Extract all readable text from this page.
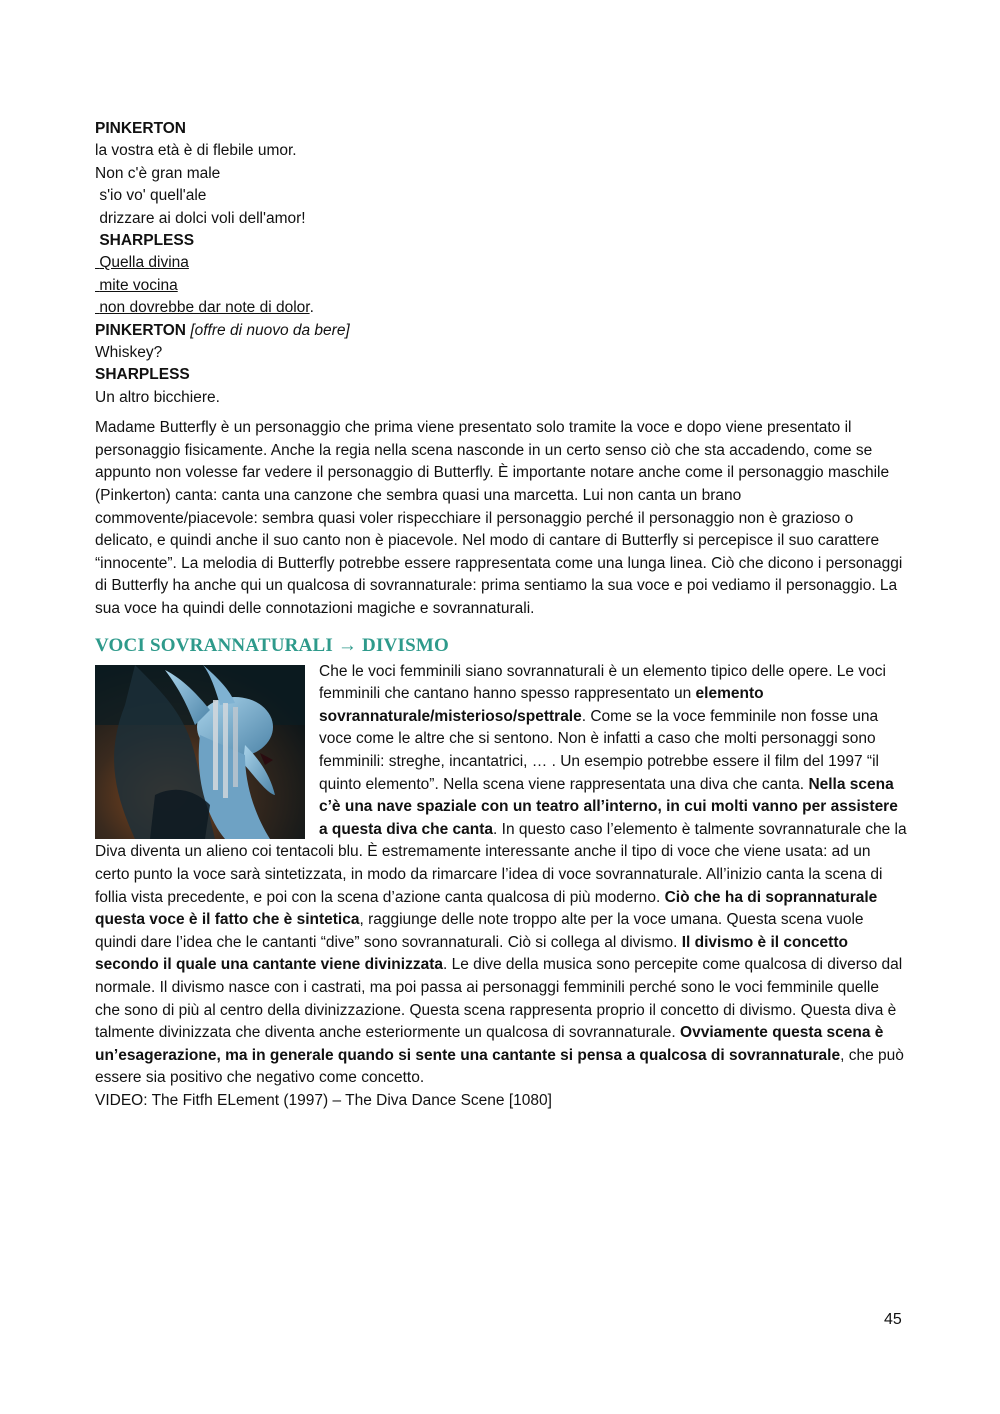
PINKERTON

la vostra età è di flebile umor.

Non c'è gran male

s'io vo' quell'ale

drizzare ai dolci voli dell'amor!

SHARPLESS

Quella divina

mite vocina

non dovrebbe dar note di dolor.

PINKERTON [offre di nuovo da bere]

Whiskey?

SHARPLESS

Un altro bicchiere.

Madame Butterfly è un personaggio che prima viene presentato solo tramite la voce e dopo viene presentato il personaggio fisicamente. Anche la regia nella scena nasconde in un certo senso ciò che sta accadendo, come se appunto non volesse far vedere il personaggio di Butterfly. È importante notare anche come il personaggio maschile (Pinkerton) canta: canta una canzone che sembra quasi una marcetta. Lui non canta un brano commovente/piacevole: sembra quasi voler rispecchiare il personaggio perché il personaggio non è grazioso o delicato, e quindi anche il suo canto non è piacevole. Nel modo di cantare di Butterfly si percepisce il suo carattere “innocente”. La melodia di Butterfly potrebbe essere rappresentata come una lunga linea. Ciò che dicono i personaggi di Butterfly ha anche qui un qualcosa di sovrannaturale: prima sentiamo la sua voce e poi vediamo il personaggio. La sua voce ha quindi delle connotazioni magiche e sovrannaturali.

VOCI SOVRANNATURALI → DIVISMO

Che le voci femminili siano sovrannaturali è un elemento tipico delle opere. Le voci femminili che cantano hanno spesso rappresentato un elemento sovrannaturale/misterioso/spettrale. Come se la voce femminile non fosse una voce come le altre che si sentono. Non è infatti a caso che molti personaggi sono femminili: streghe, incantatrici, … . Un esempio potrebbe essere il film del 1997 “il quinto elemento”. Nella scena viene rappresentata una diva che canta. Nella scena c’è una nave spaziale con un teatro all’interno, in cui molti vanno per assistere a questa diva che canta. In questo caso l’elemento è talmente sovrannaturale che la Diva diventa un alieno coi tentacoli blu. È estremamente interessante anche il tipo di voce che viene usata: ad un certo punto la voce sarà sintetizzata, in modo da rimarcare l’idea di voce sovrannaturale. All’inizio canta la scena di follia vista precedente, e poi con la scena d’azione canta qualcosa di più moderno. Ciò che ha di soprannaturale questa voce è il fatto che è sintetica, raggiunge delle note troppo alte per la voce umana. Questa scena vuole quindi dare l’idea che le cantanti “dive” sono sovrannaturali. Ciò si collega al divismo. Il divismo è il concetto secondo il quale una cantante viene divinizzata. Le dive della musica sono percepite come qualcosa di diverso dal normale. Il divismo nasce con i castrati, ma poi passa ai personaggi femminili perché sono le voci femminile quelle che sono di più al centro della divinizzazione. Questa scena rappresenta proprio il concetto di divismo. Questa diva è talmente divinizzata che diventa anche esteriormente un qualcosa di sovrannaturale. Ovviamente questa scena è un’esagerazione, ma in generale quando si sente una cantante si pensa a qualcosa di sovrannaturale, che può essere sia positivo che negativo come concetto.

VIDEO: The Fitfh ELement (1997) – The Diva Dance Scene [1080]

45
